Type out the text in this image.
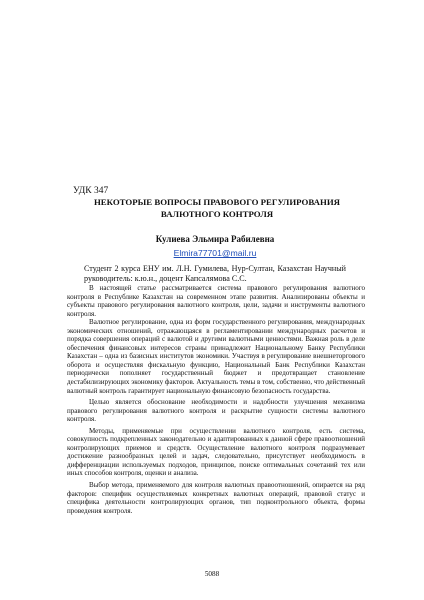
УДК 347
НЕКОТОРЫЕ ВОПРОСЫ ПРАВОВОГО РЕГУЛИРОВАНИЯ ВАЛЮТНОГО КОНТРОЛЯ
Кулиева Эльмира Рабилевна
Elmira77701@mail.ru
Студент 2 курса ЕНУ им. Л.Н. Гумилева, Нур-Султан, Казахстан Научный руководитель: к.ю.н., доцент Капсалямова С.С.

В настоящей статье рассматривается система правового регулирования валютного контроля в Республике Казахстан на современном этапе развития. Анализированы объекты и субъекты правового регулирования валютного контроля, цели, задачи и инструменты валютного контроля.

Валютное регулирование, одна из форм государственного регулирования, международных экономических отношений, отражающаяся в регламентировании международных расчетов и порядка совершения операций с валютой и другими валютными ценностями. Важная роль в деле обеспечения финансовых интересов страны принадлежит Национальному Банку Республики Казахстан – одна из базисных институтов экономики. Участвуя в регулирование внешнеторгового оборота и осуществляя фискальную функцию, Национальный Банк Республики Казахстан периодически пополняет государственный бюджет и предотвращает становление дестабилизирующих экономику факторов. Актуальность темы в том, собственно, что действенный валютный контроль гарантирует национальную финансовую безопасность государства.

Целью является обоснование необходимости и надобности улучшения механизма правового регулирования валютного контроля и раскрытие сущности системы валютного контроля.

Методы, применяемые при осуществлении валютного контроля, есть система, совокупность подкрепленных законодательно и адаптированных к данной сфере правоотношений контролирующих приемов и средств. Осуществление валютного контроля подразумевает достижение разнообразных целей и задач, следовательно, присутствует необходимость в дифференциации используемых подходов, принципов, поиске оптимальных сочетаний тех или иных способов контроля, оценки и анализа.

Выбор метода, применяемого для контроля валютных правоотношений, опирается на ряд факторов: специфик осуществляемых конкретных валютных операций, правовой статус и специфика деятельности контролирующих органов, тип подконтрольного объекта, формы проведения контроля.

5088
